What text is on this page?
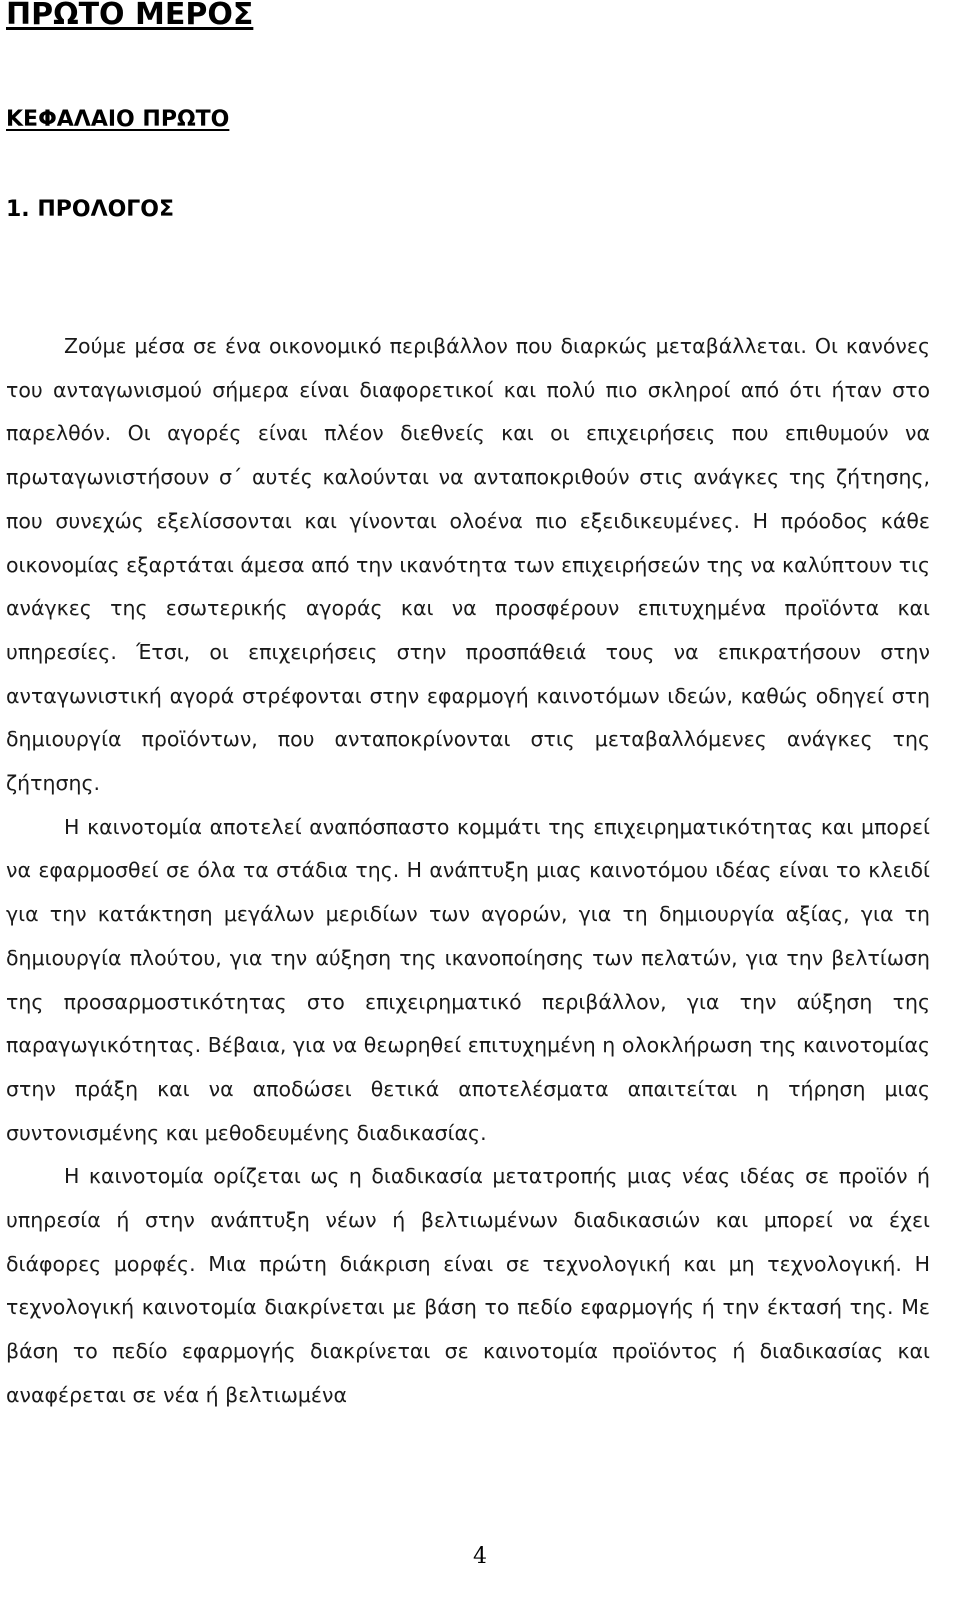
ΠΡΩΤΟ ΜΕΡΟΣ
ΚΕΦΑΛΑΙΟ ΠΡΩΤΟ
1. ΠΡΟΛΟΓΟΣ

Ζούμε μέσα σε ένα οικονομικό περιβάλλον που διαρκώς μεταβάλλεται. Οι κανόνες του ανταγωνισμού σήμερα είναι διαφορετικοί και πολύ πιο σκληροί από ότι ήταν στο παρελθόν. Οι αγορές είναι πλέον διεθνείς και οι επιχειρήσεις που επιθυμούν να πρωταγωνιστήσουν σ΄ αυτές καλούνται να ανταποκριθούν στις ανάγκες της ζήτησης, που συνεχώς εξελίσσονται και γίνονται ολοένα πιο εξειδικευμένες. Η πρόοδος κάθε οικονομίας εξαρτάται άμεσα από την ικανότητα των επιχειρήσεών της να καλύπτουν τις ανάγκες της εσωτερικής αγοράς και να προσφέρουν επιτυχημένα προϊόντα και υπηρεσίες. Έτσι, οι επιχειρήσεις στην προσπάθειά τους να επικρατήσουν στην ανταγωνιστική αγορά στρέφονται στην εφαρμογή καινοτόμων ιδεών, καθώς οδηγεί στη δημιουργία προϊόντων, που ανταποκρίνονται στις μεταβαλλόμενες ανάγκες της ζήτησης.

Η καινοτομία αποτελεί αναπόσπαστο κομμάτι της επιχειρηματικότητας και μπορεί να εφαρμοσθεί σε όλα τα στάδια της. Η ανάπτυξη μιας καινοτόμου ιδέας είναι το κλειδί για την κατάκτηση μεγάλων μεριδίων των αγορών, για τη δημιουργία αξίας, για τη δημιουργία πλούτου, για την αύξηση της ικανοποίησης των πελατών, για την βελτίωση της προσαρμοστικότητας στο επιχειρηματικό περιβάλλον, για την αύξηση της παραγωγικότητας. Βέβαια, για να θεωρηθεί επιτυχημένη η ολοκλήρωση της καινοτομίας στην πράξη και να αποδώσει θετικά αποτελέσματα απαιτείται η τήρηση μιας συντονισμένης και μεθοδευμένης διαδικασίας.

Η καινοτομία ορίζεται ως η διαδικασία μετατροπής μιας νέας ιδέας σε προϊόν ή υπηρεσία ή στην ανάπτυξη νέων ή βελτιωμένων διαδικασιών και μπορεί να έχει διάφορες μορφές. Μια πρώτη διάκριση είναι σε τεχνολογική και μη τεχνολογική. Η τεχνολογική καινοτομία διακρίνεται με βάση το πεδίο εφαρμογής ή την έκτασή της. Με βάση το πεδίο εφαρμογής διακρίνεται σε καινοτομία προϊόντος ή διαδικασίας και αναφέρεται σε νέα ή βελτιωμένα

4
